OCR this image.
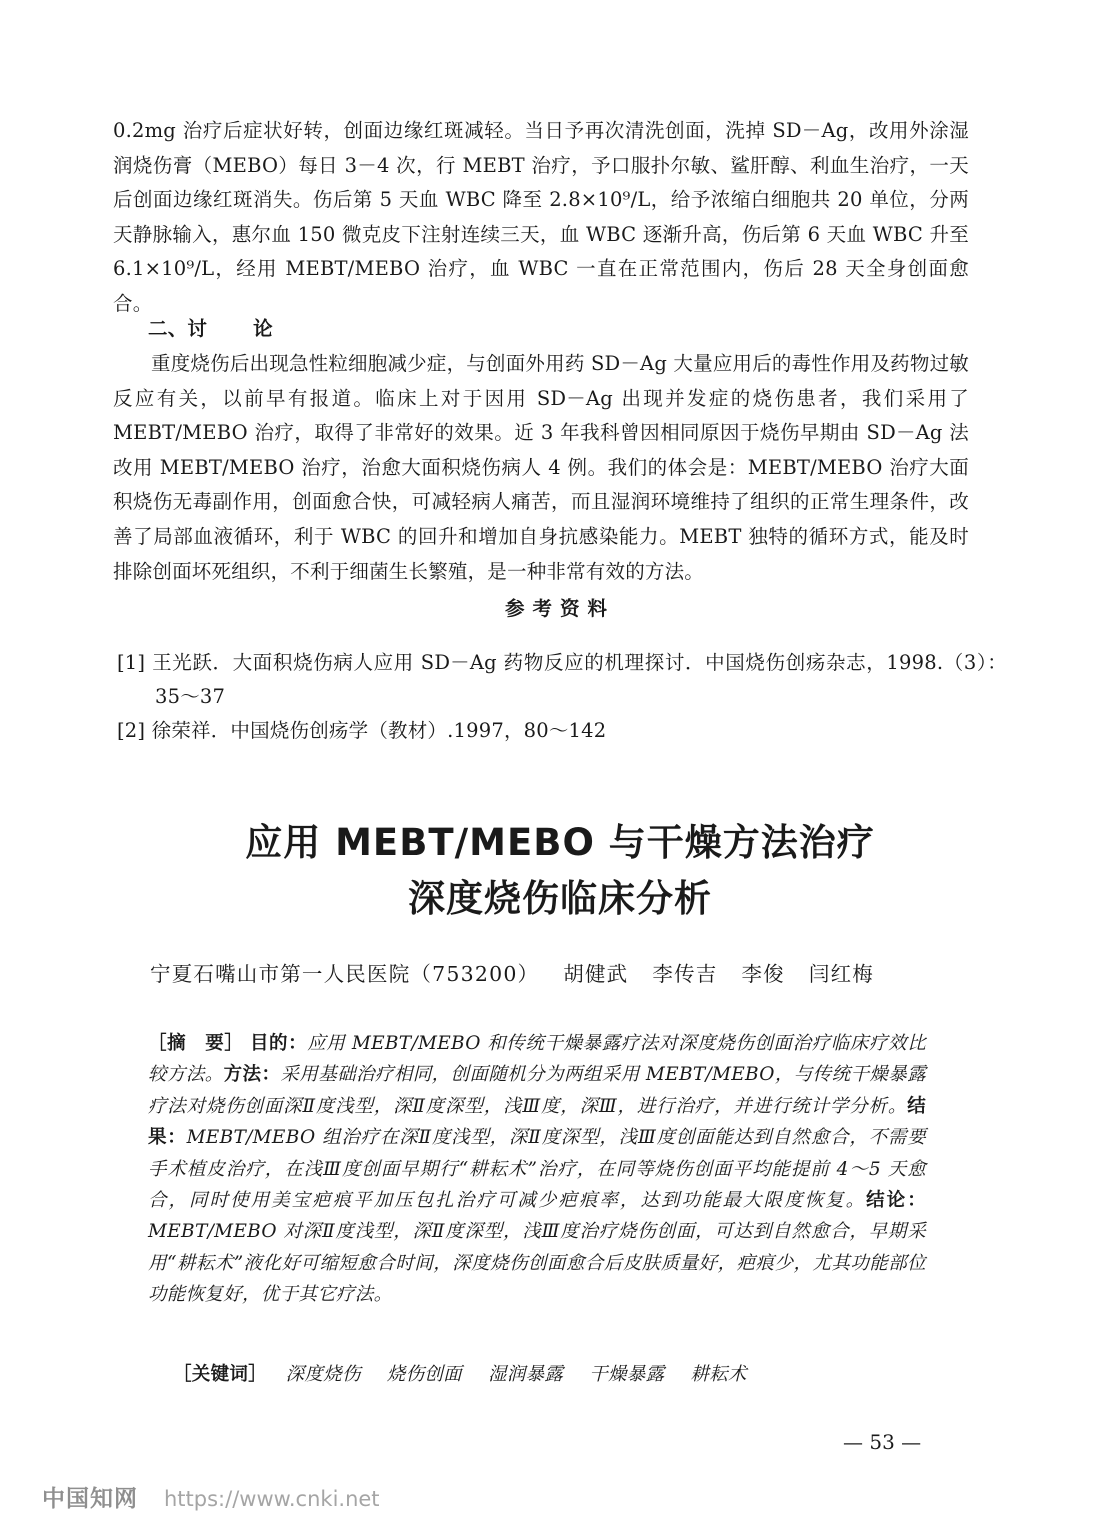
0.2mg 治疗后症状好转，创面边缘红斑减轻。当日予再次清洗创面，洗掉 SD－Ag，改用外涂湿润烧伤膏（MEBO）每日 3－4 次，行 MEBT 治疗，予口服扑尔敏、鲨肝醇、利血生治疗，一天后创面边缘红斑消失。伤后第 5 天血 WBC 降至 2.8×10⁹/L，给予浓缩白细胞共 20 单位，分两天静脉输入，惠尔血 150 微克皮下注射连续三天，血 WBC 逐渐升高，伤后第 6 天血 WBC 升至 6.1×10⁹/L，经用 MEBT/MEBO 治疗，血 WBC 一直在正常范围内，伤后 28 天全身创面愈合。

二、讨 论

重度烧伤后出现急性粒细胞减少症，与创面外用药 SD－Ag 大量应用后的毒性作用及药物过敏反应有关，以前早有报道。临床上对于因用 SD－Ag 出现并发症的烧伤患者，我们采用了 MEBT/MEBO 治疗，取得了非常好的效果。近 3 年我科曾因相同原因于烧伤早期由 SD－Ag 法改用 MEBT/MEBO 治疗，治愈大面积烧伤病人 4 例。我们的体会是：MEBT/MEBO 治疗大面积烧伤无毒副作用，创面愈合快，可减轻病人痛苦，而且湿润环境维持了组织的正常生理条件，改善了局部血液循环，利于 WBC 的回升和增加自身抗感染能力。MEBT 独特的循环方式，能及时排除创面坏死组织，不利于细菌生长繁殖，是一种非常有效的方法。

参考资料

[1] 王光跃．大面积烧伤病人应用 SD－Ag 药物反应的机理探讨．中国烧伤创疡杂志，1998.（3）：35～37

[2] 徐荣祥．中国烧伤创疡学（教材）.1997，80～142

应用 MEBT/MEBO 与干燥方法治疗
深度烧伤临床分析

宁夏石嘴山市第一人民医院（753200） 胡健武 李传吉 李俊 闫红梅

［摘　要］ 目的：应用 MEBT/MEBO 和传统干燥暴露疗法对深度烧伤创面治疗临床疗效比较方法。方法：采用基础治疗相同，创面随机分为两组采用 MEBT/MEBO，与传统干燥暴露疗法对烧伤创面深Ⅱ度浅型，深Ⅱ度深型，浅Ⅲ度，深Ⅲ，进行治疗，并进行统计学分析。结果：MEBT/MEBO 组治疗在深Ⅱ度浅型，深Ⅱ度深型，浅Ⅲ度创面能达到自然愈合，不需要手术植皮治疗，在浅Ⅲ度创面早期行“耕耘术”治疗，在同等烧伤创面平均能提前 4～5 天愈合，同时使用美宝疤痕平加压包扎治疗可减少疤痕率，达到功能最大限度恢复。结论：MEBT/MEBO 对深Ⅱ度浅型，深Ⅱ度深型，浅Ⅲ度治疗烧伤创面，可达到自然愈合，早期采用“耕耘术”液化好可缩短愈合时间，深度烧伤创面愈合后皮肤质量好，疤痕少，尤其功能部位功能恢复好，优于其它疗法。

［关键词］ 深度烧伤 烧伤创面 湿润暴露 干燥暴露 耕耘术

— 53 —

中国知网 https://www.cnki.net
